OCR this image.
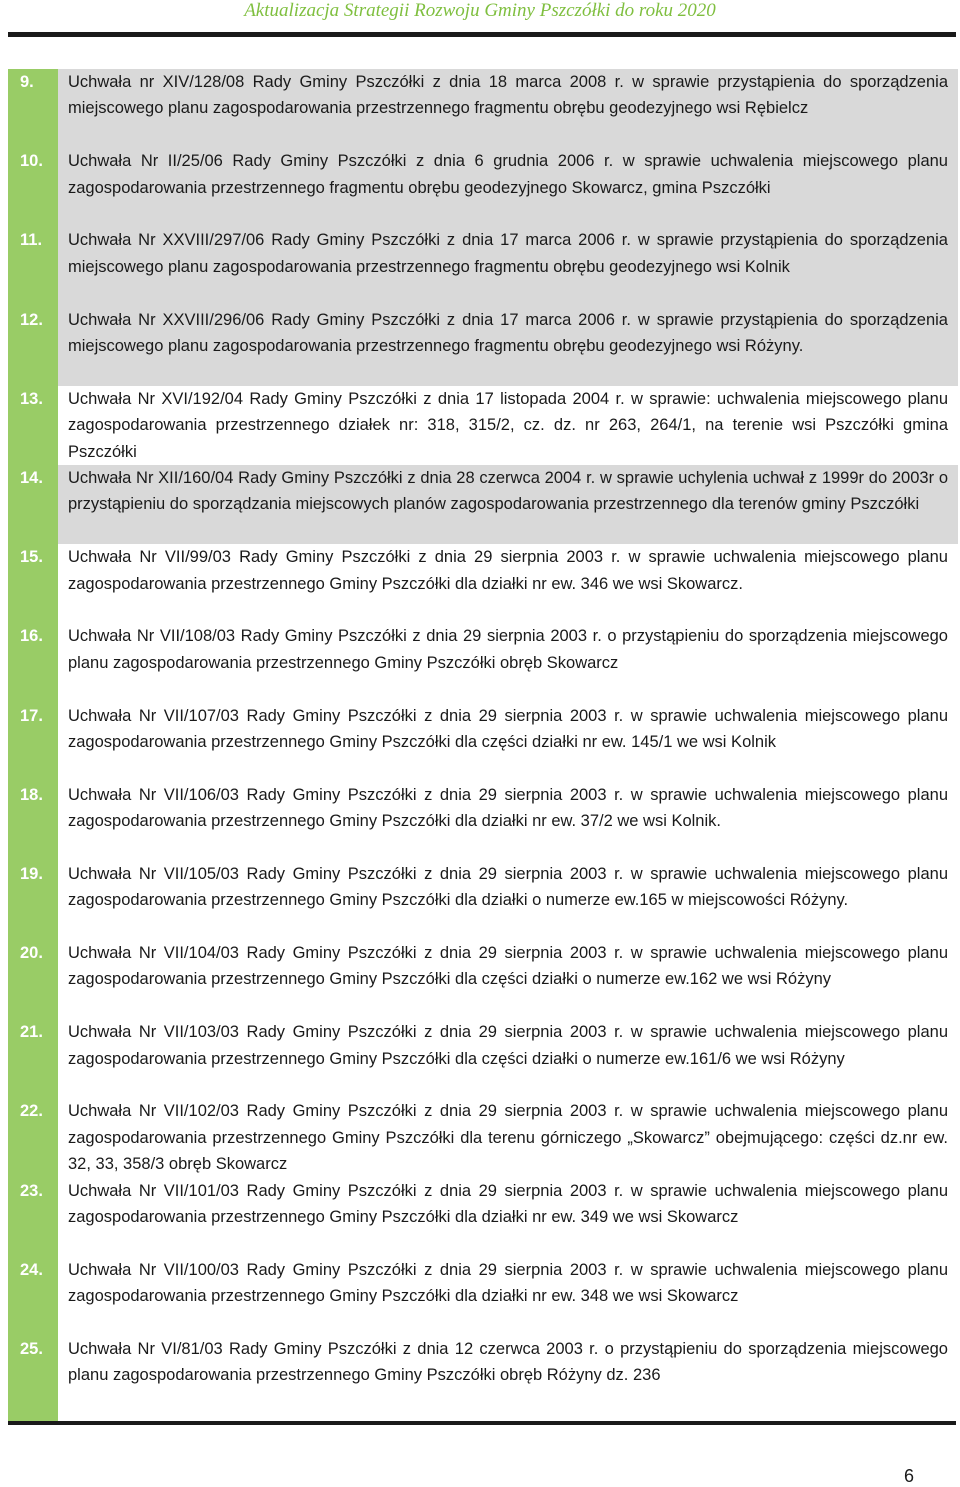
Aktualizacja Strategii Rozwoju Gminy Pszczółki do roku 2020
9.	Uchwała nr XIV/128/08 Rady Gminy Pszczółki z dnia 18 marca 2008 r. w sprawie przystąpienia do sporządzenia miejscowego planu zagospodarowania przestrzennego fragmentu obrębu geodezyjnego wsi Rębielcz
10.	Uchwała Nr II/25/06 Rady Gminy Pszczółki z dnia 6 grudnia 2006 r. w sprawie uchwalenia miejscowego planu zagospodarowania przestrzennego fragmentu obrębu geodezyjnego Skowarcz, gmina Pszczółki
11.	Uchwała Nr XXVIII/297/06 Rady Gminy Pszczółki z dnia 17 marca 2006 r. w sprawie przystąpienia do sporządzenia miejscowego planu zagospodarowania przestrzennego fragmentu obrębu geodezyjnego wsi Kolnik
12.	Uchwała Nr XXVIII/296/06 Rady Gminy Pszczółki z dnia 17 marca 2006 r. w sprawie przystąpienia do sporządzenia miejscowego planu zagospodarowania przestrzennego fragmentu obrębu geodezyjnego wsi Różyny.
13.	Uchwała Nr XVI/192/04 Rady Gminy Pszczółki z dnia 17 listopada 2004 r. w sprawie: uchwalenia miejscowego planu zagospodarowania przestrzennego działek nr: 318, 315/2, cz. dz. nr 263, 264/1, na terenie wsi Pszczółki gmina Pszczółki
14.	Uchwała Nr XII/160/04 Rady Gminy Pszczółki z dnia 28 czerwca 2004 r. w sprawie uchylenia uchwał z 1999r do 2003r o przystąpieniu do sporządzania miejscowych planów zagospodarowania przestrzennego dla terenów gminy Pszczółki
15.	Uchwała Nr VII/99/03 Rady Gminy Pszczółki z dnia 29 sierpnia 2003 r. w sprawie uchwalenia miejscowego planu zagospodarowania przestrzennego Gminy Pszczółki dla działki nr ew. 346 we wsi Skowarcz.
16.	Uchwała Nr VII/108/03 Rady Gminy Pszczółki z dnia 29 sierpnia 2003 r. o przystąpieniu do sporządzenia miejscowego planu zagospodarowania przestrzennego Gminy Pszczółki obręb Skowarcz
17.	Uchwała Nr VII/107/03 Rady Gminy Pszczółki z dnia 29 sierpnia 2003 r. w sprawie uchwalenia miejscowego planu zagospodarowania przestrzennego Gminy Pszczółki dla części działki nr ew. 145/1 we wsi Kolnik
18.	Uchwała Nr VII/106/03 Rady Gminy Pszczółki z dnia 29 sierpnia 2003 r. w sprawie uchwalenia miejscowego planu zagospodarowania przestrzennego Gminy Pszczółki dla działki nr ew. 37/2 we wsi Kolnik.
19.	Uchwała Nr VII/105/03 Rady Gminy Pszczółki z dnia 29 sierpnia 2003 r. w sprawie uchwalenia miejscowego planu zagospodarowania przestrzennego Gminy Pszczółki dla działki o numerze ew.165 w miejscowości Różyny.
20.	Uchwała Nr VII/104/03 Rady Gminy Pszczółki z dnia 29 sierpnia 2003 r. w sprawie uchwalenia miejscowego planu zagospodarowania przestrzennego Gminy Pszczółki dla części działki o numerze ew.162 we wsi Różyny
21.	Uchwała Nr VII/103/03 Rady Gminy Pszczółki z dnia 29 sierpnia 2003 r. w sprawie uchwalenia miejscowego planu zagospodarowania przestrzennego Gminy Pszczółki dla części działki o numerze ew.161/6 we wsi Różyny
22.	Uchwała Nr VII/102/03 Rady Gminy Pszczółki z dnia 29 sierpnia 2003 r. w sprawie uchwalenia miejscowego planu zagospodarowania przestrzennego Gminy Pszczółki dla terenu górniczego „Skowarcz” obejmującego: części dz.nr ew. 32, 33, 358/3 obręb Skowarcz
23.	Uchwała Nr VII/101/03 Rady Gminy Pszczółki z dnia 29 sierpnia 2003 r. w sprawie uchwalenia miejscowego planu zagospodarowania przestrzennego Gminy Pszczółki dla działki nr ew. 349 we wsi Skowarcz
24.	Uchwała Nr VII/100/03 Rady Gminy Pszczółki z dnia 29 sierpnia 2003 r. w sprawie uchwalenia miejscowego planu zagospodarowania przestrzennego Gminy Pszczółki dla działki nr ew. 348 we wsi Skowarcz
25.	Uchwała Nr VI/81/03 Rady Gminy Pszczółki z dnia 12 czerwca 2003 r. o przystąpieniu do sporządzenia miejscowego planu zagospodarowania przestrzennego Gminy Pszczółki obręb Różyny dz. 236
6
